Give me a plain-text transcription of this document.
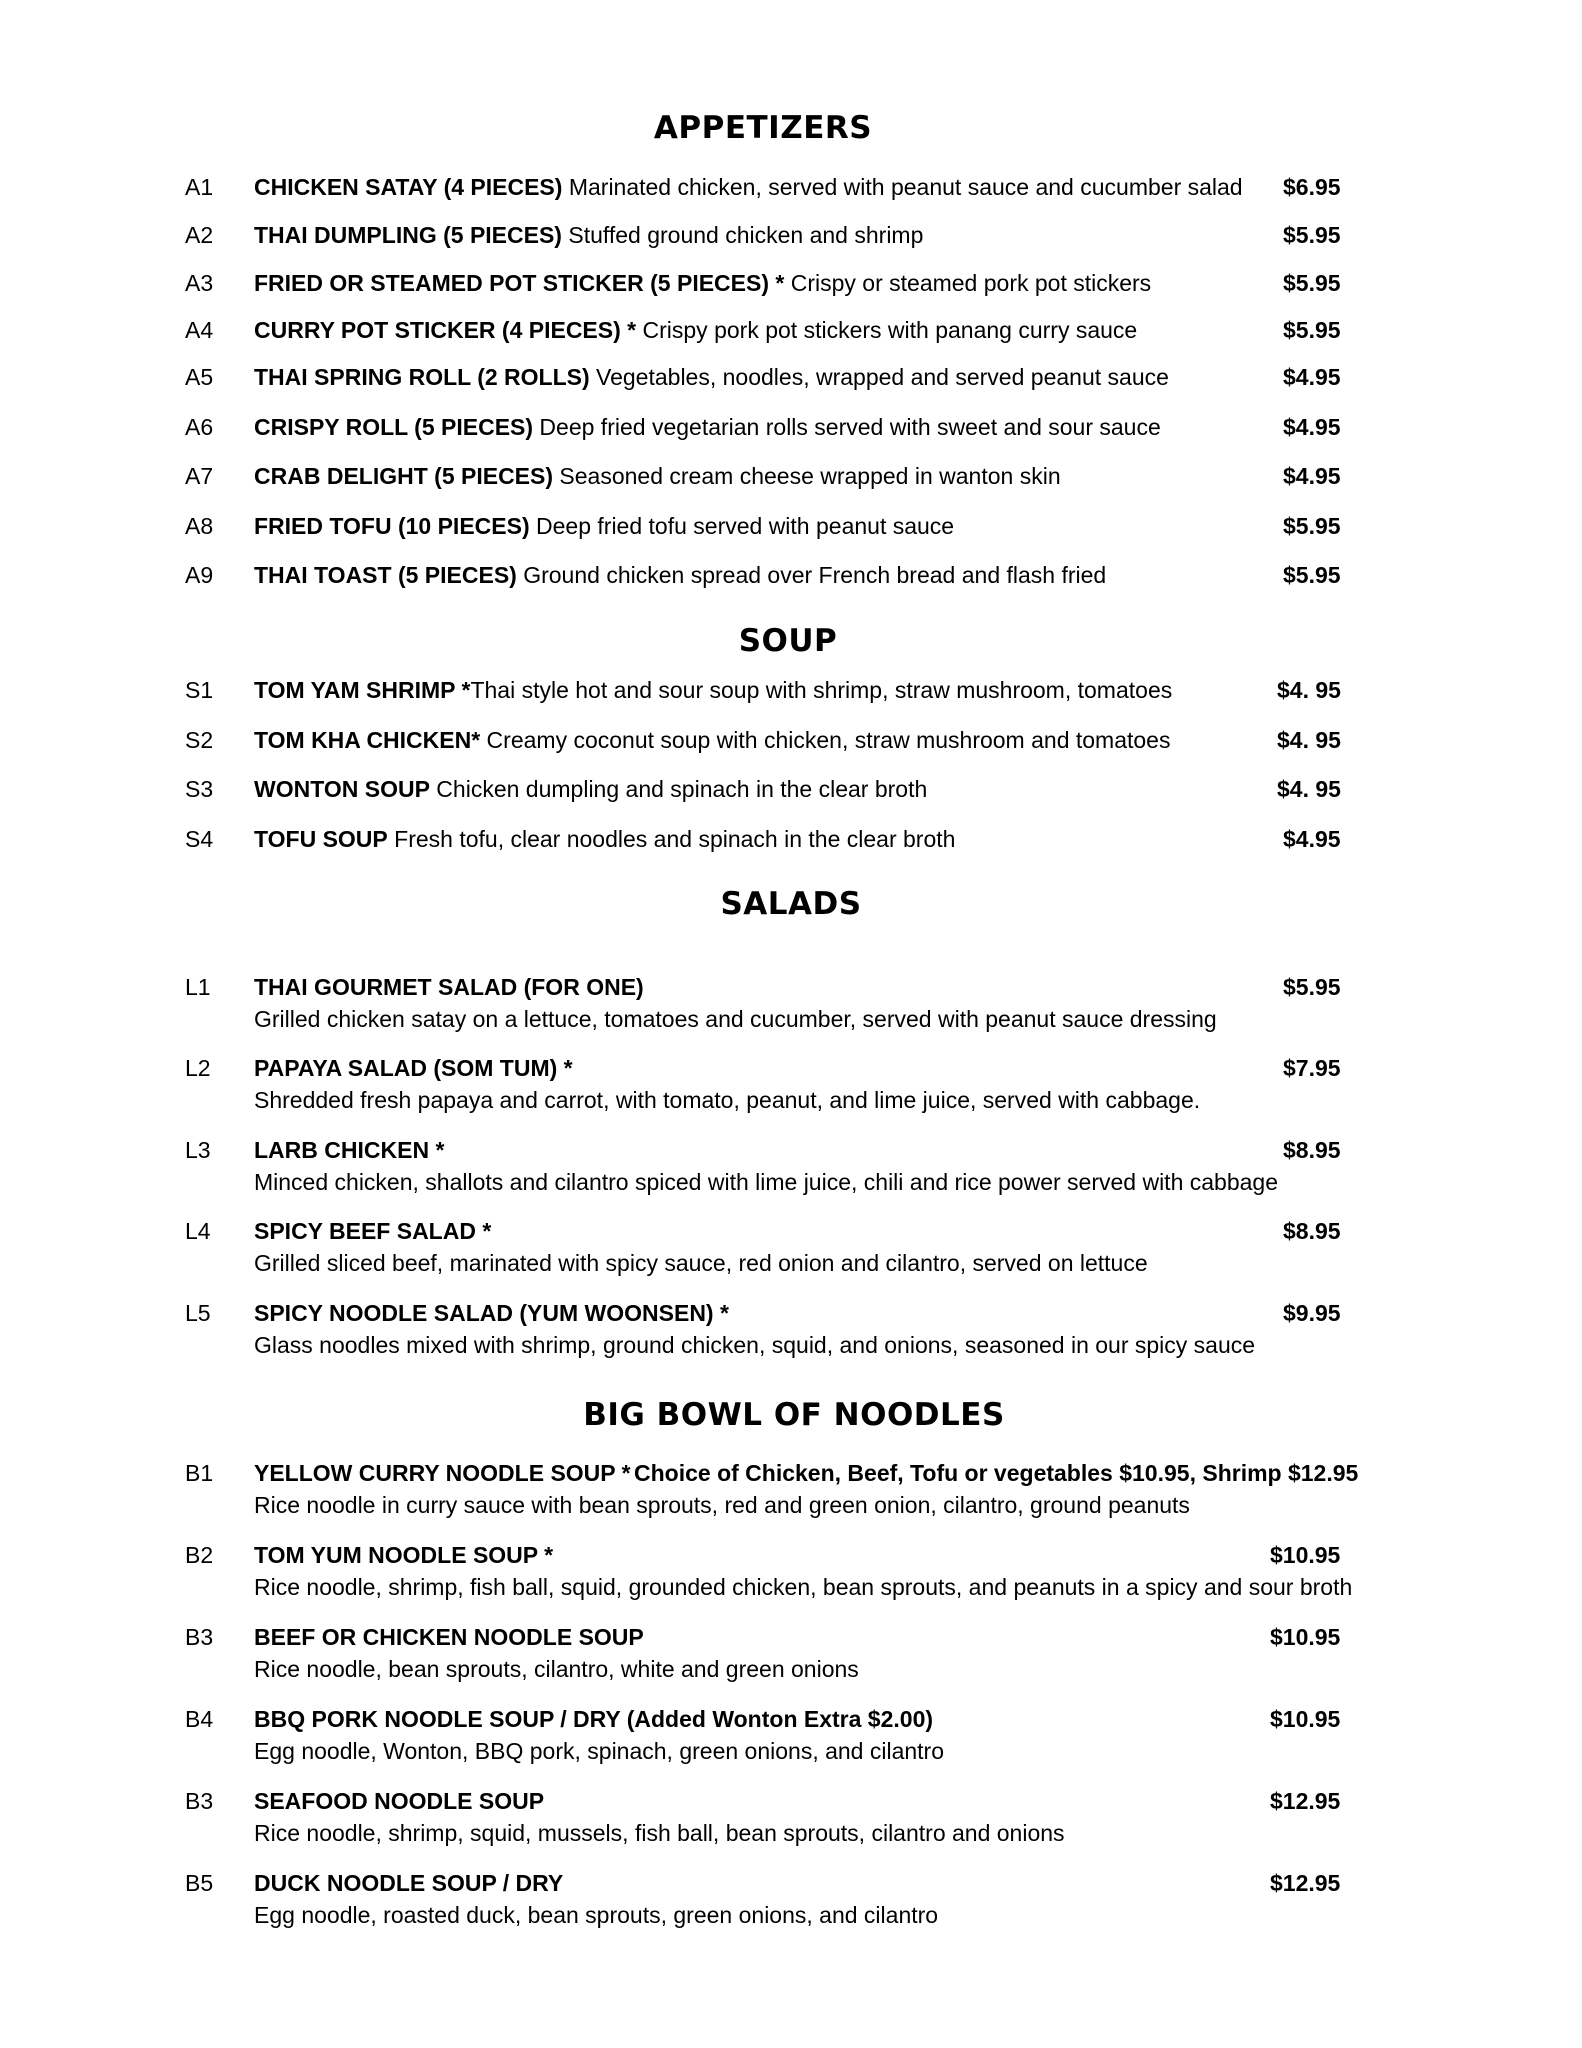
APPETIZERS
A1 CHICKEN SATAY (4 PIECES) Marinated chicken, served with peanut sauce and cucumber salad $6.95
A2 THAI DUMPLING (5 PIECES) Stuffed ground chicken and shrimp	$5.95
A3 FRIED OR STEAMED POT STICKER (5 PIECES) * Crispy or steamed pork pot stickers	$5.95
A4 CURRY POT STICKER (4 PIECES) * Crispy pork pot stickers with panang curry sauce	$5.95
A5 THAI SPRING ROLL (2 ROLLS) Vegetables, noodles, wrapped and served peanut sauce	$4.95
A6 CRISPY ROLL (5 PIECES) Deep fried vegetarian rolls served with sweet and sour sauce	$4.95
A7 CRAB DELIGHT (5 PIECES) Seasoned cream cheese wrapped in wanton skin	$4.95
A8 FRIED TOFU (10 PIECES) Deep fried tofu served with peanut sauce	$5.95
A9 THAI TOAST (5 PIECES) Ground chicken spread over French bread and flash fried	$5.95
SOUP
S1 TOM YAM SHRIMP *Thai style hot and sour soup with shrimp, straw mushroom, tomatoes	$4. 95
S2 TOM KHA CHICKEN* Creamy coconut soup with chicken, straw mushroom and tomatoes	$4. 95
S3 WONTON SOUP Chicken dumpling and spinach in the clear broth	$4. 95
S4 TOFU SOUP Fresh tofu, clear noodles and spinach in the clear broth	$4.95
SALADS
L1 THAI GOURMET SALAD (FOR ONE)	$5.95
Grilled chicken satay on a lettuce, tomatoes and cucumber, served with peanut sauce dressing
L2 PAPAYA SALAD (SOM TUM) *	$7.95
Shredded fresh papaya and carrot, with tomato, peanut, and lime juice, served with cabbage.
L3 LARB CHICKEN *	$8.95
Minced chicken, shallots and cilantro spiced with lime juice, chili and rice power served with cabbage
L4 SPICY BEEF SALAD *	$8.95
Grilled sliced beef, marinated with spicy sauce, red onion and cilantro, served on lettuce
L5 SPICY NOODLE SALAD (YUM WOONSEN) *	$9.95
Glass noodles mixed with shrimp, ground chicken, squid, and onions, seasoned in our spicy sauce
BIG BOWL OF NOODLES
B1 YELLOW CURRY NOODLE SOUP * Choice of Chicken, Beef, Tofu or vegetables $10.95, Shrimp $12.95
Rice noodle in curry sauce with bean sprouts, red and green onion, cilantro, ground peanuts
B2 TOM YUM NOODLE SOUP *	$10.95
Rice noodle, shrimp, fish ball, squid, grounded chicken, bean sprouts, and peanuts in a spicy and sour broth
B3 BEEF OR CHICKEN NOODLE SOUP	$10.95
Rice noodle, bean sprouts, cilantro, white and green onions
B4 BBQ PORK NOODLE SOUP / DRY (Added Wonton Extra $2.00)	$10.95
Egg noodle, Wonton, BBQ pork, spinach, green onions, and cilantro
B3 SEAFOOD NOODLE SOUP	$12.95
Rice noodle, shrimp, squid, mussels, fish ball, bean sprouts, cilantro and onions
B5 DUCK NOODLE SOUP / DRY	$12.95
Egg noodle, roasted duck, bean sprouts, green onions, and cilantro
